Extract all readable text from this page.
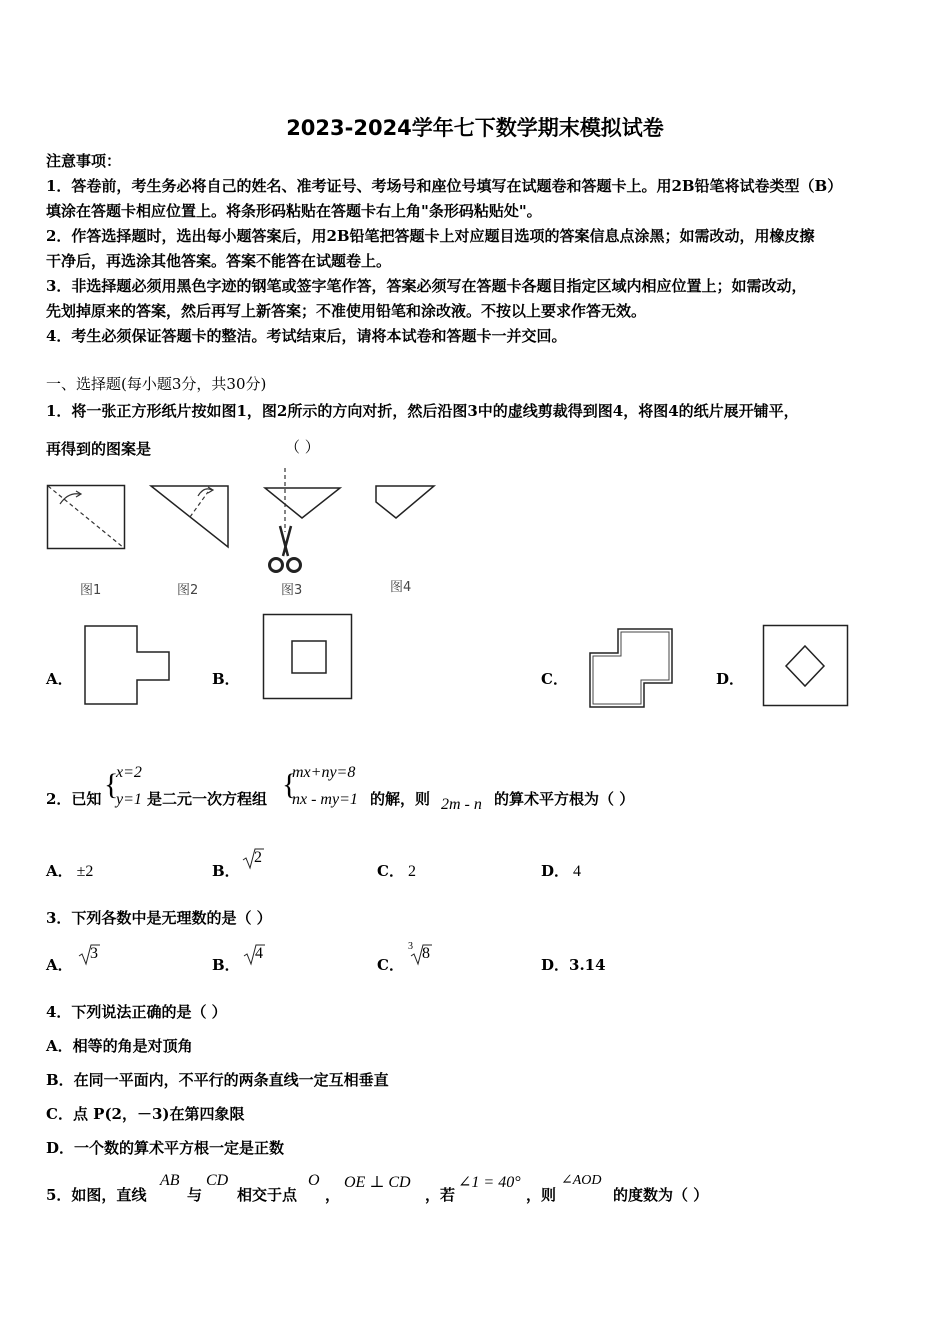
2023-2024学年七下数学期末模拟试卷
注意事项：
1．答卷前，考生务必将自己的姓名、准考证号、考场号和座位号填写在试题卷和答题卡上。用2B铅笔将试卷类型（B）
填涂在答题卡相应位置上。将条形码粘贴在答题卡右上角"条形码粘贴处"。
2．作答选择题时，选出每小题答案后，用2B铅笔把答题卡上对应题目选项的答案信息点涂黑；如需改动，用橡皮擦
干净后，再选涂其他答案。答案不能答在试题卷上。
3．非选择题必须用黑色字迹的钢笔或签字笔作答，答案必须写在答题卡各题目指定区域内相应位置上；如需改动，
先划掉原来的答案，然后再写上新答案；不准使用铅笔和涂改液。不按以上要求作答无效。
4．考生必须保证答题卡的整洁。考试结束后，请将本试卷和答题卡一并交回。
一、选择题(每小题3分，共30分)
1．将一张正方形纸片按如图1，图2所示的方向对折，然后沿图3中的虚线剪裁得到图4，将图4的纸片展开铺平，
再得到的图案是	（ ）
图1	图2	图3	图4
A．	B．	C．	D．
2．已知 {
x=2
y=1 是二元一次方程组 {
mx+ny=8
nx - my=1 的解，则 2m - n 的算术平方根为（ ）
A． ±2	B．
2
C． 2	D． 4
3．下列各数中是无理数的是（ ）
A．
3
B．
4
C．
3 8
D．3.14
4．下列说法正确的是（ ）
A．相等的角是对顶角
B．在同一平面内，不平行的两条直线一定互相垂直
C．点 P(2，－3)在第四象限
D．一个数的算术平方根一定是正数
5．如图，直线
AB
与
CD
相交于点
O
，
OE ⊥ CD
，若
∠1 = 40°
，则
∠AOD
的度数为（ ）
